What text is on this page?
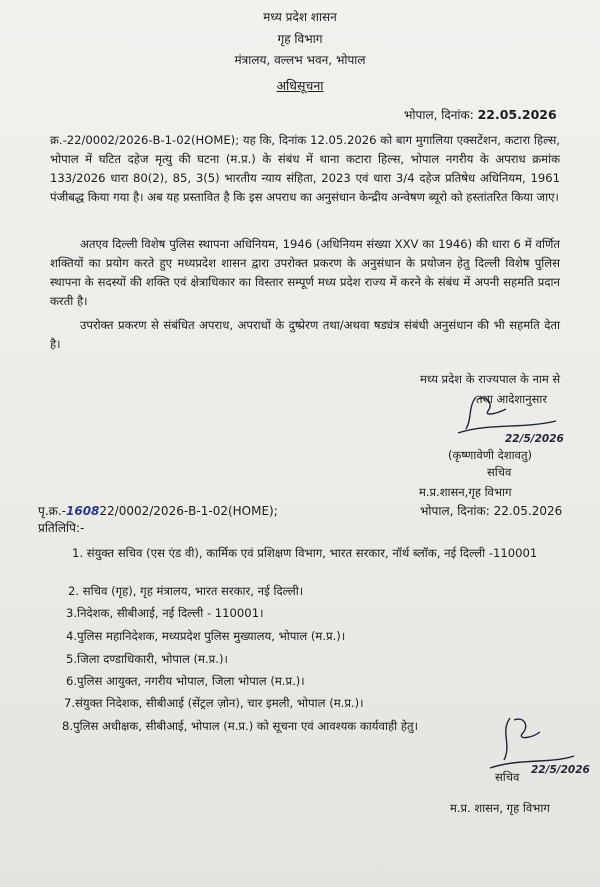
मध्य प्रदेश शासन
गृह विभाग
मंत्रालय, वल्लभ भवन, भोपाल
अधिसूचना
भोपाल, दिनांक: 22.05.2026

क्र.-22/0002/2026-B-1-02(HOME); यह कि, दिनांक 12.05.2026 को बाग मुगालिया एक्सटेंशन, कटारा हिल्स, भोपाल में घटित दहेज मृत्यु की घटना (म.प्र.) के संबंध में थाना कटारा हिल्स, भोपाल नगरीय के अपराध क्रमांक 133/2026 धारा 80(2), 85, 3(5) भारतीय न्याय संहिता, 2023 एवं धारा 3/4 दहेज प्रतिषेध अधिनियम, 1961 पंजीबद्ध किया गया है। अब यह प्रस्तावित है कि इस अपराध का अनुसंधान केन्द्रीय अन्वेषण ब्यूरो को हस्तांतरित किया जाए।

अतएव दिल्ली विशेष पुलिस स्थापना अधिनियम, 1946 (अधिनियम संख्या XXV का 1946) की धारा 6 में वर्णित शक्तियों का प्रयोग करते हुए मध्यप्रदेश शासन द्वारा उपरोक्त प्रकरण के अनुसंधान के प्रयोजन हेतु दिल्ली विशेष पुलिस स्थापना के सदस्यों की शक्ति एवं क्षेत्राधिकार का विस्तार सम्पूर्ण मध्य प्रदेश राज्य में करने के संबंध में अपनी सहमति प्रदान करती है।

उपरोक्त प्रकरण से संबंधित अपराध, अपराधों के दुष्प्रेरण तथा/अथवा षड्यंत्र संबंधी अनुसंधान की भी सहमति देता है।

मध्य प्रदेश के राज्यपाल के नाम से
तथा आदेशानुसार
22/5/2026
(कृष्णावेणी देशावतु)
सचिव
म.प्र.शासन,गृह विभाग
पृ.क्र.-160822/0002/2026-B-1-02(HOME);	भोपाल, दिनांक: 22.05.2026
प्रतिलिपि:-
1. संयुक्त सचिव (एस एंड वी), कार्मिक एवं प्रशिक्षण विभाग, भारत सरकार, नॉर्थ ब्लॉक, नई दिल्ली -110001
2. सचिव (गृह), गृह मंत्रालय, भारत सरकार, नई दिल्ली।
3.निदेशक, सीबीआई, नई दिल्ली - 110001।
4.पुलिस महानिदेशक, मध्यप्रदेश पुलिस मुख्यालय, भोपाल (म.प्र.)।
5.जिला दण्डाधिकारी, भोपाल (म.प्र.)।
6.पुलिस आयुक्त, नगरीय भोपाल, जिला भोपाल (म.प्र.)।
7.संयुक्त निदेशक, सीबीआई (सेंट्रल ज़ोन), चार इमली, भोपाल (म.प्र.)।
8.पुलिस अधीक्षक, सीबीआई, भोपाल (म.प्र.) को सूचना एवं आवश्यक कार्यवाही हेतु।
22/5/2026
सचिव
म.प्र. शासन, गृह विभाग
